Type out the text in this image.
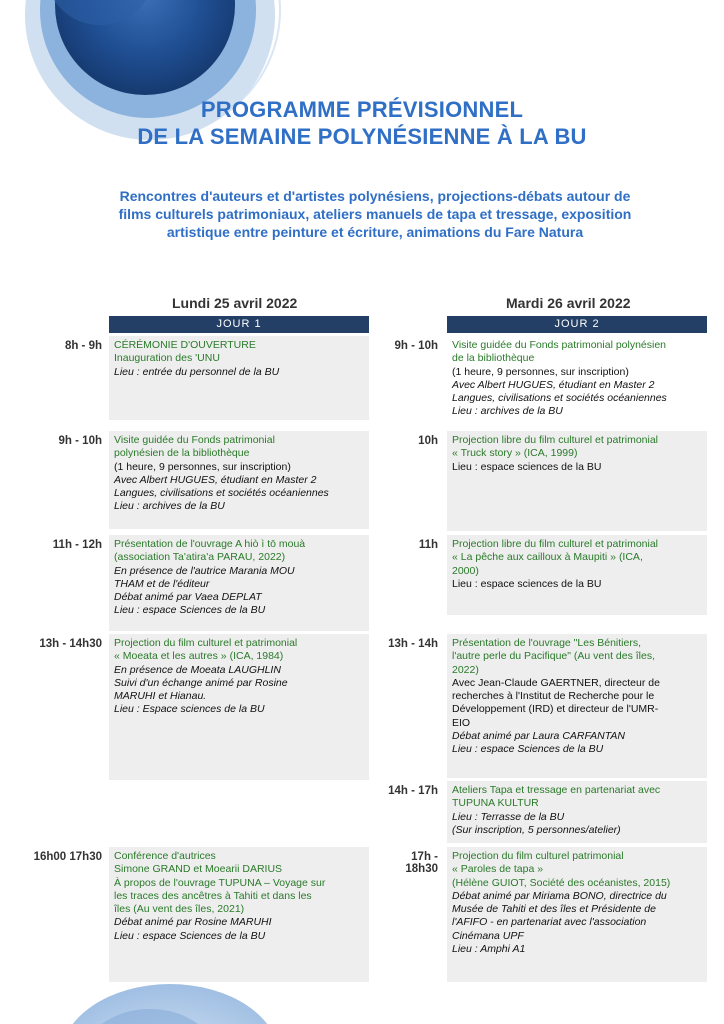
PROGRAMME PRÉVISIONNEL
DE LA SEMAINE POLYNÉSIENNE À LA BU
Rencontres d'auteurs et d'artistes polynésiens, projections-débats autour de
films culturels patrimoniaux, ateliers manuels de tapa et tressage, exposition
artistique entre peinture et écriture, animations du Fare Natura
Lundi 25 avril 2022
JOUR 1
Mardi 26 avril 2022
JOUR 2
8h - 9h CÉRÉMONIE D'OUVERTURE
Inauguration des 'UNU
Lieu : entrée du personnel de la BU
9h - 10h Visite guidée du Fonds patrimonial
polynésien de la bibliothèque
(1 heure, 9 personnes, sur inscription)
Avec Albert HUGUES, étudiant en Master 2
Langues, civilisations et sociétés océaniennes
Lieu : archives de la BU
11h - 12h Présentation de l'ouvrage A hiò ì tō mouà
(association Ta'atira'a PARAU, 2022)
En présence de l'autrice Marania MOU
THAM et de l'éditeur
Débat animé par Vaea DEPLAT
Lieu : espace Sciences de la BU
13h - 14h30 Projection du film culturel et patrimonial
« Moeata et les autres » (ICA, 1984)
En présence de Moeata LAUGHLIN
Suivi d'un échange animé par Rosine
MARUHI et Hianau.
Lieu : Espace sciences de la BU
16h00 17h30 Conférence d'autrices
Simone GRAND et Moearii DARIUS
À propos de l'ouvrage TUPUNA – Voyage sur
les traces des ancêtres à Tahiti et dans les
îles (Au vent des îles, 2021)
Débat animé par Rosine MARUHI
Lieu : espace Sciences de la BU
9h - 10h Visite guidée du Fonds patrimonial polynésien
de la bibliothèque
(1 heure, 9 personnes, sur inscription)
Avec Albert HUGUES, étudiant en Master 2
Langues, civilisations et sociétés océaniennes
Lieu : archives de la BU
10h Projection libre du film culturel et patrimonial
« Truck story » (ICA, 1999)
Lieu : espace sciences de la BU
11h Projection libre du film culturel et patrimonial
« La pêche aux cailloux à Maupiti » (ICA,
2000)
Lieu : espace sciences de la BU
13h - 14h Présentation de l'ouvrage "Les Bénitiers,
l'autre perle du Pacifique" (Au vent des îles,
2022)
Avec Jean-Claude GAERTNER, directeur de
recherches à l'Institut de Recherche pour le
Développement (IRD) et directeur de l'UMR-
EIO
Débat animé par Laura CARFANTAN
Lieu : espace Sciences de la BU
14h - 17h Ateliers Tapa et tressage en partenariat avec
TUPUNA KULTUR
Lieu : Terrasse de la BU
(Sur inscription, 5 personnes/atelier)
17h -
18h30
Projection du film culturel patrimonial
« Paroles de tapa »
(Hélène GUIOT, Société des océanistes, 2015)
Débat animé par Miriama BONO, directrice du
Musée de Tahiti et des îles et Présidente de
l'AFIFO - en partenariat avec l'association
Cinémana UPF
Lieu : Amphi A1
